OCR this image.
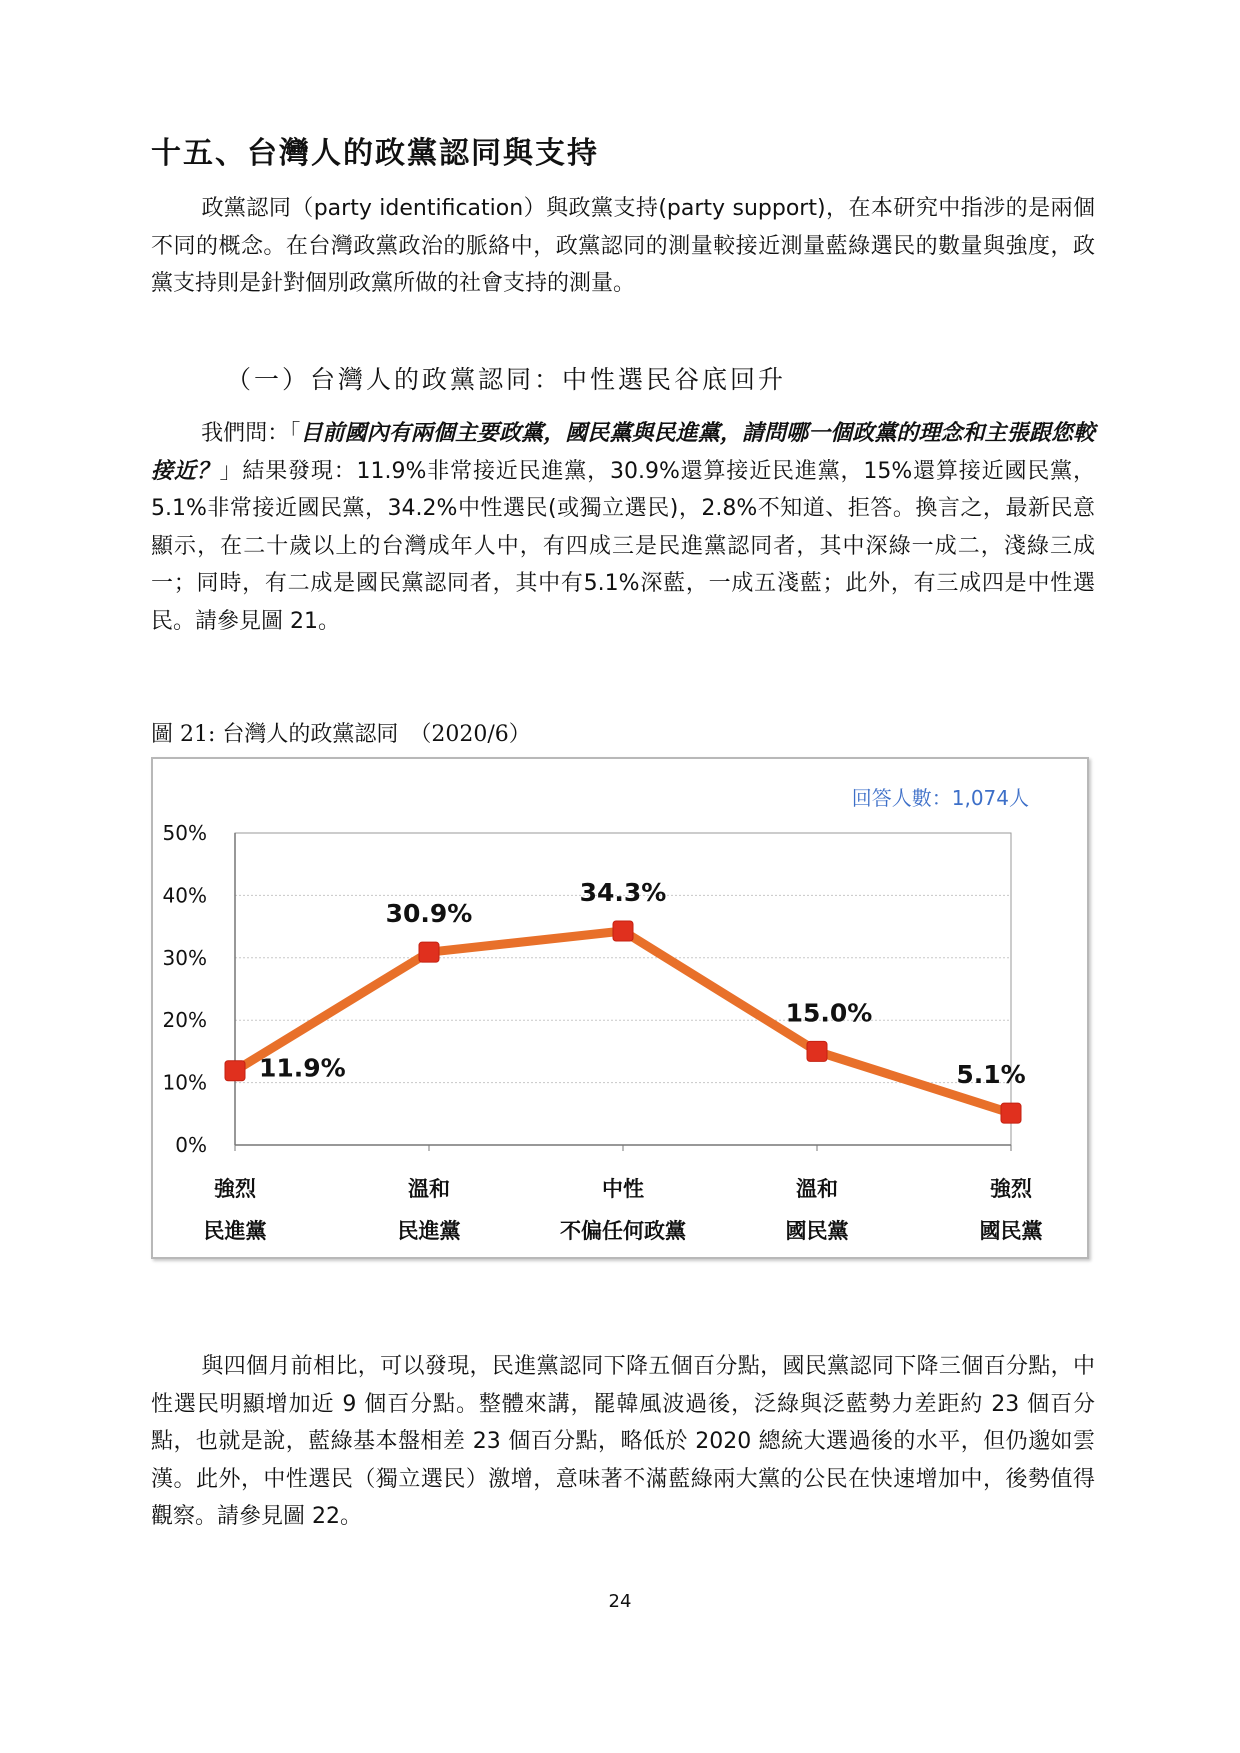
十五、台灣人的政黨認同與支持
政黨認同（party identification）與政黨支持(party support)，在本研究中指涉的是兩個不同的概念。在台灣政黨政治的脈絡中，政黨認同的測量較接近測量藍綠選民的數量與強度，政黨支持則是針對個別政黨所做的社會支持的測量。
（一）台灣人的政黨認同：中性選民谷底回升
我們問：「目前國內有兩個主要政黨，國民黨與民進黨，請問哪一個政黨的理念和主張跟您較接近？」結果發現：11.9%非常接近民進黨，30.9%還算接近民進黨，15%還算接近國民黨，5.1%非常接近國民黨，34.2%中性選民(或獨立選民)，2.8%不知道、拒答。換言之，最新民意顯示，在二十歲以上的台灣成年人中，有四成三是民進黨認同者，其中深綠一成二，淺綠三成一；同時，有二成是國民黨認同者，其中有5.1%深藍，一成五淺藍；此外，有三成四是中性選民。請參見圖 21。
圖 21: 台灣人的政黨認同　（2020/6）
0%
10%
20%
30%
40%
50%
強烈
民進黨
溫和
民進黨
中性
不偏任何政黨
溫和
國民黨
強烈
國民黨
11.9%
30.9%
34.3%
15.0%
5.1%
回答人數：1,074人
與四個月前相比，可以發現，民進黨認同下降五個百分點，國民黨認同下降三個百分點，中性選民明顯增加近 9 個百分點。整體來講，罷韓風波過後，泛綠與泛藍勢力差距約 23 個百分點，也就是說，藍綠基本盤相差 23 個百分點，略低於 2020 總統大選過後的水平，但仍邈如雲漢。此外，中性選民（獨立選民）激增，意味著不滿藍綠兩大黨的公民在快速增加中，後勢值得觀察。請參見圖 22。
24
